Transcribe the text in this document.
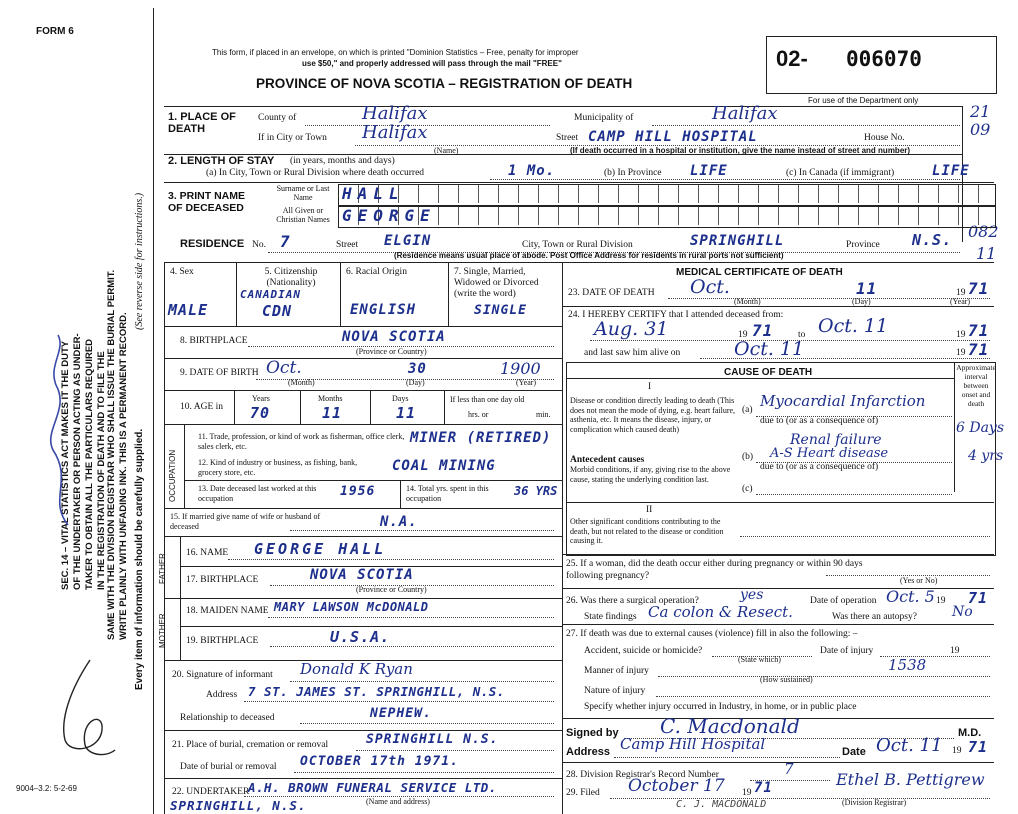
FORM 6
SEC. 14 – VITAL STATISTICS ACT MAKES IT THE DUTY OF THE UNDERTAKER OR PERSON ACTING AS UNDER- TAKER TO OBTAIN ALL THE PARTICULARS REQUIRED IN THE REGISTRATION OF DEATH AND TO FILE THE SAME WITH THE DIVISION REGISTRAR WHO SHALL ISSUE THE BURIAL PERMIT. WRITE PLAINLY WITH UNFADING INK. THIS IS A PERMANENT RECORD.
(See reverse side for instructions.)
Every item of information should be carefully supplied.
9004–3.2: 5-2-69
This form, if placed in an envelope, on which is printed "Dominion Statistics – Free, penalty for improper
use $50," and properly addressed will pass through the mail "FREE"
PROVINCE OF NOVA SCOTIA – REGISTRATION OF DEATH
02- 006070
For use of the Department only
21
09
082
11
1. PLACE OF DEATH
County of	Halifax	Municipality of	Halifax
If in City or Town Halifax
(Name)
Street CAMP HILL HOSPITAL	House No.
(If death occurred in a hospital or institution, give the name instead of street and number)
2. LENGTH OF STAY (in years, months and days)
(a) In City, Town or Rural Division where death occurred	1 Mo.	(b) In Province LIFE	(c) In Canada (if immigrant)	LIFE
3. PRINT NAME OF DECEASED
Surname or Last Name
All Given or Christian Names
HALL
GEORGE
RESIDENCE No. 7	Street ELGIN	City, Town or Rural Division	SPRINGHILL	Province N.S.
(Residence means usual place of abode. Post Office Address for residents in rural ports not sufficient)
4. Sex
MALE
5. Citizenship (Nationality)
CANADIAN
CDN
6. Racial Origin
ENGLISH
7. Single, Married, Widowed or Divorced (write the word)
SINGLE
8. BIRTHPLACE	NOVA SCOTIA
(Province or Country)
9. DATE OF BIRTH Oct.	30	1900
(Month)	(Day)	(Year)
10. AGE in
Years	Months	Days
70	11	11
If less than one day old
hrs. or	min.
OCCUPATION
11. Trade, profession, or kind of work as fisherman, office clerk, sales clerk, etc.
MINER (RETIRED)
12. Kind of industry or business, as fishing, bank, grocery store, etc.	COAL MINING
13. Date deceased last worked at this occupation	1956	14. Total yrs. spent in this occupation
36 YRS
15. If married give name of wife or husband of deceased	N.A.
FATHER
16. NAME GEORGE HALL
17. BIRTHPLACE	NOVA SCOTIA
(Province or Country)
MOTHER
18. MAIDEN NAME MARY LAWSON McDONALD
19. BIRTHPLACE	U.S.A.
20. Signature of informant Donald K Ryan
Address 7 ST. JAMES ST. SPRINGHILL, N.S.
Relationship to deceased	NEPHEW.
21. Place of burial, cremation or removal	SPRINGHILL N.S.
Date of burial or removal OCTOBER 17th 1971.
22. UNDERTAKER
A.H. BROWN FUNERAL SERVICE LTD.
SPRINGHILL, N.S.	(Name and address)
MEDICAL CERTIFICATE OF DEATH
23. DATE OF DEATH Oct.	11	19 71
(Month)	(Day)	(Year)
24. I HEREBY CERTIFY that I attended deceased from:
Aug. 31	19 71	to Oct. 11	19 71
and last saw him alive on	Oct. 11	19 71
CAUSE OF DEATH	Approximate interval between onset and death
I
Disease or condition directly leading to death (This does not mean the mode of dying, e.g. heart failure, asthenia, etc. It means the disease, injury, or complication which caused death)
(a) Myocardial Infarction
due to (or as a consequence of)	6 Days
Renal failure
Antecedent causes
Morbid conditions, if any, giving rise to the above cause, stating the underlying condition last.
(b) A-S Heart disease
due to (or as a consequence of)
4 yrs
(c)
II
Other significant conditions contributing to the death, but not related to the disease or condition causing it.
25. If a woman, did the death occur either during pregnancy or within 90 days following pregnancy?	(Yes or No)
26. Was there a surgical operation?	yes	Date of operation Oct. 5 19 71
State findings Ca colon & Resect.	Was there an autopsy?	No
27. If death was due to external causes (violence) fill in also the following: –
Accident, suicide or homicide?
(State which)
Date of injury	19
Manner of injury	1538
(How sustained)
Nature of injury
Specify whether injury occurred in Industry, in home, or in public place
Signed by C. Macdonald	M.D.
Address Camp Hill Hospital	Date Oct. 11 19 71
28. Division Registrar's Record Number	7
29. Filed October 17 19 71	Ethel B. Pettigrew
(Division Registrar)
C. J. MACDONALD
